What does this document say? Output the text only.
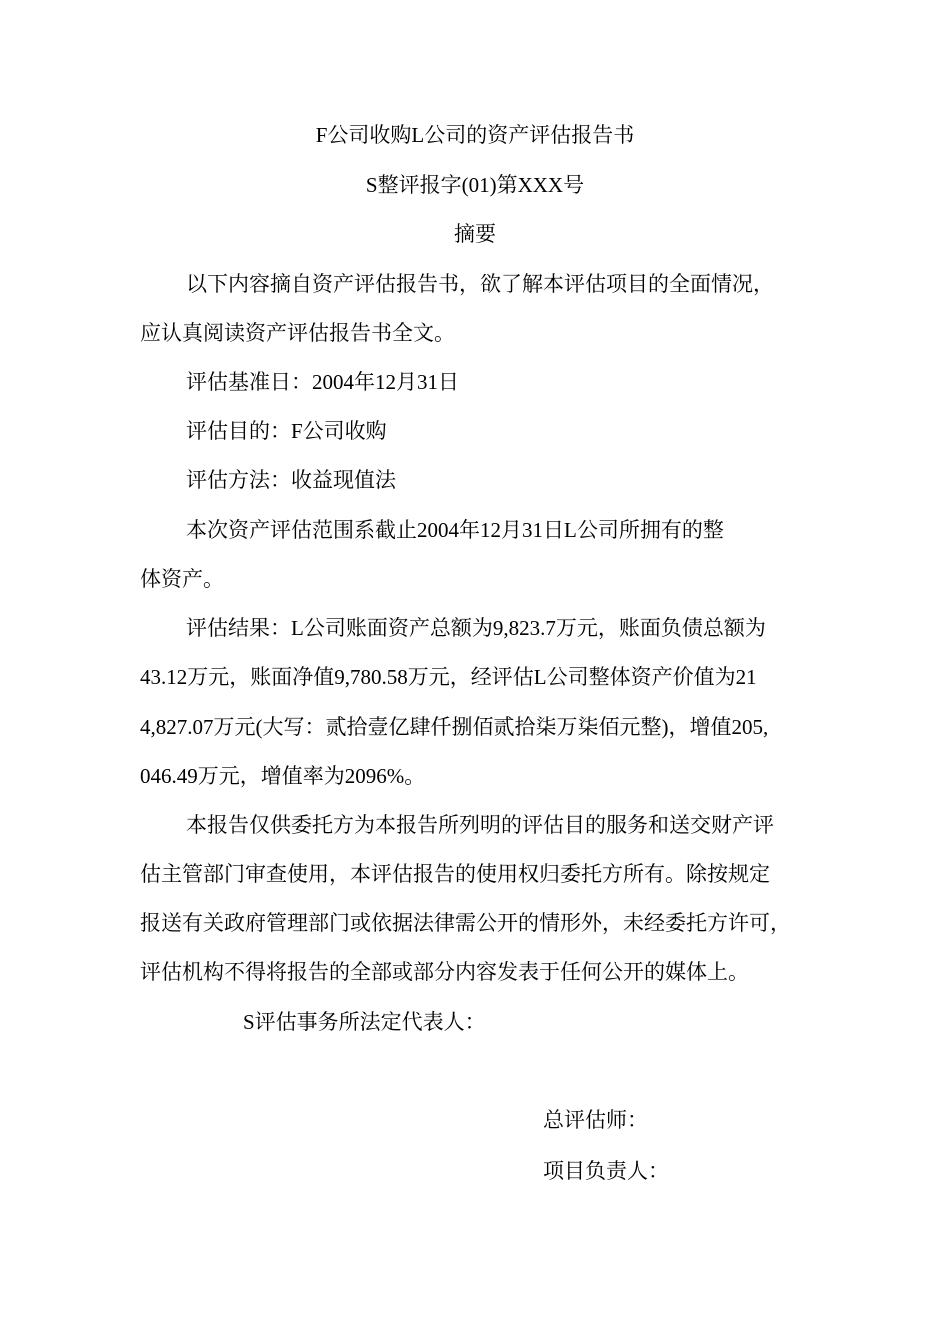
F公司收购L公司的资产评估报告书
S整评报字(01)第XXX号
摘要
以下内容摘自资产评估报告书，欲了解本评估项目的全面情况，
应认真阅读资产评估报告书全文。
评估基准日：2004年12月31日
评估目的：F公司收购
评估方法：收益现值法
本次资产评估范围系截止2004年12月31日L公司所拥有的整
体资产。
评估结果：L公司账面资产总额为9,823.7万元，账面负债总额为
43.12万元，账面净值9,780.58万元，经评估L公司整体资产价值为21
4,827.07万元(大写：贰拾壹亿肆仟捌佰贰拾柒万柒佰元整)，增值205,
046.49万元，增值率为2096%。
本报告仅供委托方为本报告所列明的评估目的服务和送交财产评
估主管部门审查使用，本评估报告的使用权归委托方所有。除按规定
报送有关政府管理部门或依据法律需公开的情形外，未经委托方许可，
评估机构不得将报告的全部或部分内容发表于任何公开的媒体上。
S评估事务所法定代表人：
总评估师：
项目负责人：
